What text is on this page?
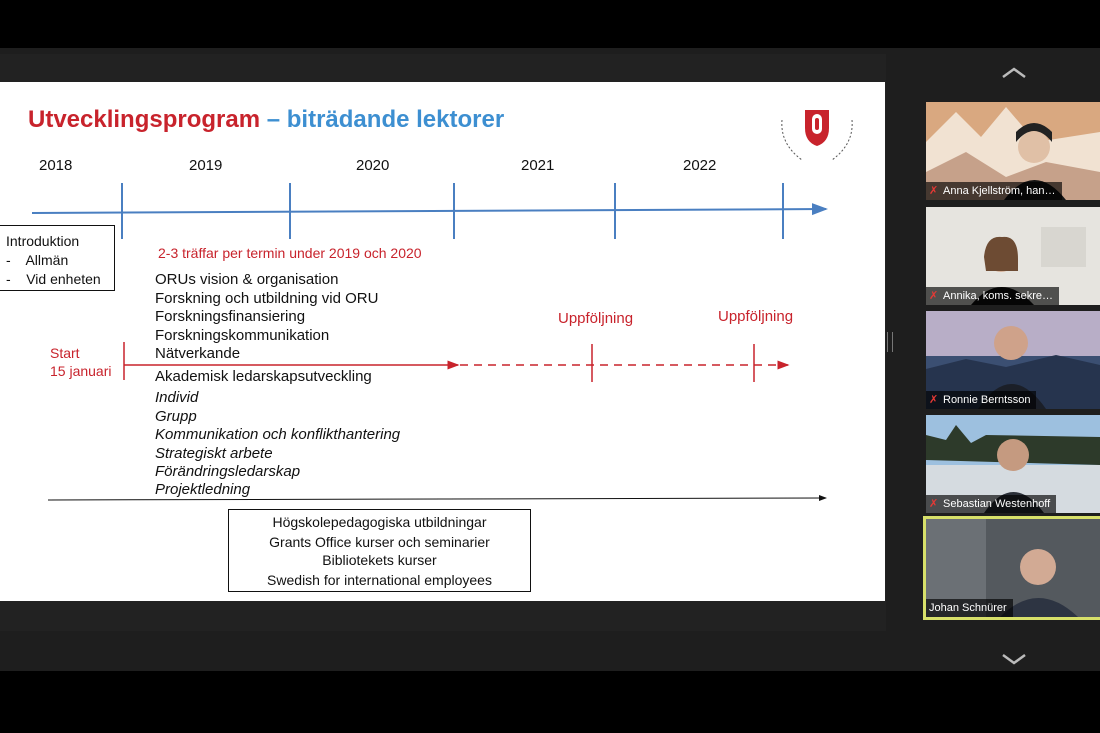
Utvecklingsprogram – biträdande lektorer
2018	2019	2020	2021	2022
Introduktion
-    Allmän
-    Vid enheten
2-3 träffar per termin under 2019 och 2020
Start
15 januari
Uppföljning	Uppföljning
ORUs vision & organisation
Forskning och utbildning vid ORU
Forskningsfinansiering
Forskningskommunikation
Nätverkande
Akademisk ledarskapsutveckling
Individ
Grupp
Kommunikation och konflikthantering
Strategiskt arbete
Förändringsledarskap
Projektledning
Högskolepedagogiska utbildningar
Grants Office kurser och seminarier
Bibliotekets kurser
Swedish for international employees
✗ Anna Kjellström, han…
✗ Annika, koms. sekre…
✗ Ronnie Berntsson
✗ Sebastian Westenhoff
Johan Schnürer
